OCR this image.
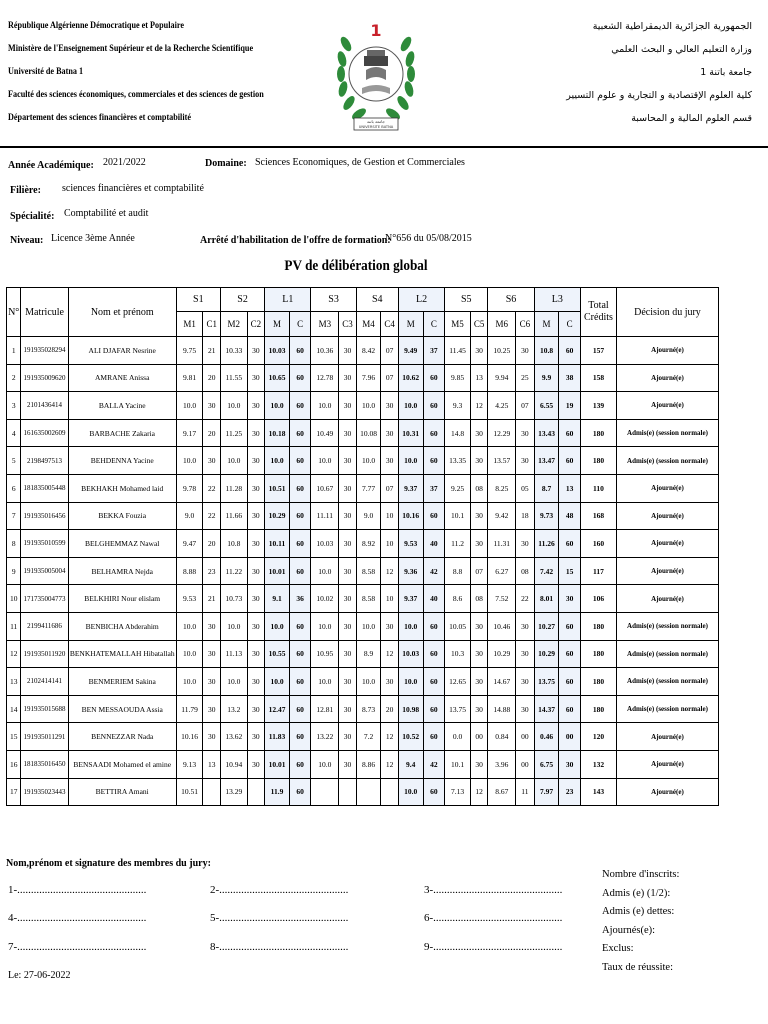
République Algérienne Démocratique et Populaire
Ministère de l'Enseignement Supérieur et de la Recherche Scientifique
Université de Batna 1
Faculté des sciences économiques, commerciales et des sciences de gestion
Département des sciences financières et comptabilité
الجمهورية الجزائرية الديمقراطية الشعبية
وزارة التعليم العالي و البحث العلمي
جامعة باتنة 1
كلية العلوم الإقتصادية و التجارية و علوم التسيير
قسم العلوم المالية و المحاسبة
1
جامعة باتنة
UNIVERSITE BATNA
Année Académique: 2021/2022	Domaine: Sciences Economiques, de Gestion et Commerciales
Filière: sciences financières et comptabilité
Spécialité: Comptabilité et audit
Niveau: Licence 3ème Année	Arrêté d'habilitation de l'offre de formation:
N°656 du 05/08/2015
PV de délibération global
N°	Matricule	Nom et prénom	S1		S2		L1		S3		S4		L2		S5		S6		L3		Total Crédits	Décision du jury
			M1	C1	M2	C2	M	C	M3	C3	M4	C4	M	C	M5	C5	M6	C6	M	C		
1	191935028294	ALI DJAFAR Nesrine	9.75	21	10.33	30	10.03	60	10.36	30	8.42	07	9.49	37	11.45	30	10.25	30	10.8	60	157	Ajourné(e)
2	191935009620	AMRANE Anissa	9.81	20	11.55	30	10.65	60	12.78	30	7.96	07	10.62	60	9.85	13	9.94	25	9.9	38	158	Ajourné(e)
3	2101436414	BALLA Yacine	10.0	30	10.0	30	10.0	60	10.0	30	10.0	30	10.0	60	9.3	12	4.25	07	6.55	19	139	Ajourné(e)
4	161635002609	BARBACHE Zakaria	9.17	20	11.25	30	10.18	60	10.49	30	10.08	30	10.31	60	14.8	30	12.29	30	13.43	60	180	Admis(e) (session normale)
5	2198497513	BEHDENNA Yacine	10.0	30	10.0	30	10.0	60	10.0	30	10.0	30	10.0	60	13.35	30	13.57	30	13.47	60	180	Admis(e) (session normale)
6	181835005448	BEKHAKH Mohamed laid	9.78	22	11.28	30	10.51	60	10.67	30	7.77	07	9.37	37	9.25	08	8.25	05	8.7	13	110	Ajourné(e)
7	191935016456	BEKKA Fouzia	9.0	22	11.66	30	10.29	60	11.11	30	9.0	10	10.16	60	10.1	30	9.42	18	9.73	48	168	Ajourné(e)
8	191935010599	BELGHEMMAZ Nawal	9.47	20	10.8	30	10.11	60	10.03	30	8.92	10	9.53	40	11.2	30	11.31	30	11.26	60	160	Ajourné(e)
9	191935005004	BELHAMRA Nejda	8.88	23	11.22	30	10.01	60	10.0	30	8.58	12	9.36	42	8.8	07	6.27	08	7.42	15	117	Ajourné(e)
10	171735004773	BELKHIRI Nour elislam	9.53	21	10.73	30	9.1	36	10.02	30	8.58	10	9.37	40	8.6	08	7.52	22	8.01	30	106	Ajourné(e)
11	2199411686	BENBICHA Abderahim	10.0	30	10.0	30	10.0	60	10.0	30	10.0	30	10.0	60	10.05	30	10.46	30	10.27	60	180	Admis(e) (session normale)
12	191935011920	BENKHATEMALLAH Hibatallah	10.0	30	11.13	30	10.55	60	10.95	30	8.9	12	10.03	60	10.3	30	10.29	30	10.29	60	180	Admis(e) (session normale)
13	2102414141	BENMERIEM Sakina	10.0	30	10.0	30	10.0	60	10.0	30	10.0	30	10.0	60	12.65	30	14.67	30	13.75	60	180	Admis(e) (session normale)
14	191935015688	BEN MESSAOUDA Assia	11.79	30	13.2	30	12.47	60	12.81	30	8.73	20	10.98	60	13.75	30	14.88	30	14.37	60	180	Admis(e) (session normale)
15	191935011291	BENNEZZAR Nada	10.16	30	13.62	30	11.83	60	13.22	30	7.2	12	10.52	60	0.0	00	0.84	00	0.46	00	120	Ajourné(e)
16	181835016450	BENSAADI Mohamed el amine	9.13	13	10.94	30	10.01	60	10.0	30	8.86	12	9.4	42	10.1	30	3.96	00	6.75	30	132	Ajourné(e)
17	191935023443	BETTIRA Amani	10.51		13.29		11.9	60					10.0	60	7.13	12	8.67	11	7.97	23	143	Ajourné(e)
Nom,prénom et signature des membres du jury:
1-...............................................	2-...............................................	3-...............................................
4-...............................................	5-...............................................	6-...............................................
7-...............................................	8-...............................................	9-...............................................
Nombre d'inscrits:
Admis (e) (1/2):
Admis (e) dettes:
Ajournés(e):
Exclus:
Taux de réussite:
Le: 27-06-2022
